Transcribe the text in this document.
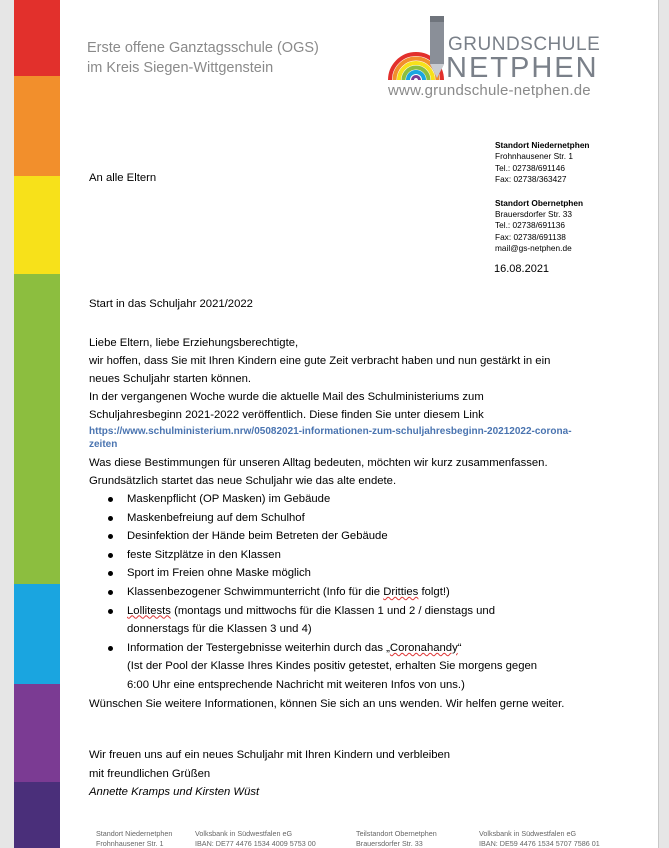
Erste offene Ganztagsschule (OGS)
im Kreis Siegen-Wittgenstein
GRUNDSCHULE
NETPHEN
www.grundschule-netphen.de
Standort Niedernetphen
Frohnhausener Str. 1
Tel.: 02738/691146
Fax: 02738/363427
Standort Obernetphen
Brauersdorfer Str. 33
Tel.: 02738/691136
Fax: 02738/691138
mail@gs-netphen.de
16.08.2021
An alle Eltern
Start in das Schuljahr 2021/2022

Liebe Eltern, liebe Erziehungsberechtigte,

wir hoffen, dass Sie mit Ihren Kindern eine gute Zeit verbracht haben und nun gestärkt in ein neues Schuljahr starten können.

In der vergangenen Woche wurde die aktuelle Mail des Schulministeriums zum Schuljahresbeginn 2021-2022 veröffentlich. Diese finden Sie unter diesem Link

https://www.schulministerium.nrw/05082021-informationen-zum-schuljahresbeginn-20212022-corona-zeiten

Was diese Bestimmungen für unseren Alltag bedeuten, möchten wir kurz zusammenfassen.

Grundsätzlich startet das neue Schuljahr wie das alte endete.

Maskenpflicht (OP Masken) im Gebäude
Maskenbefreiung auf dem Schulhof
Desinfektion der Hände beim Betreten der Gebäude
feste Sitzplätze in den Klassen
Sport im Freien ohne Maske möglich
Klassenbezogener Schwimmunterricht (Info für die Dritties folgt!)
Lollitests (montags und mittwochs für die Klassen 1 und 2 / dienstags und
donnerstags für die Klassen 3 und 4)
Information der Testergebnisse weiterhin durch das „Coronahandy“
(Ist der Pool der Klasse Ihres Kindes positiv getestet, erhalten Sie morgens gegen
6:00 Uhr eine entsprechende Nachricht mit weiteren Infos von uns.)

Wünschen Sie weitere Informationen, können Sie sich an uns wenden. Wir helfen gerne weiter.

Wir freuen uns auf ein neues Schuljahr mit Ihren Kindern und verbleiben
mit freundlichen Grüßen
Annette Kramps und Kirsten Wüst
Standort Niedernetphen
Frohnhausener Str. 1
Volksbank in Südwestfalen eG
IBAN: DE77 4476 1534 4009 5753 00
Teilstandort Obernetphen
Brauersdorfer Str. 33
Volksbank in Südwestfalen eG
IBAN: DE59 4476 1534 5707 7586 01
